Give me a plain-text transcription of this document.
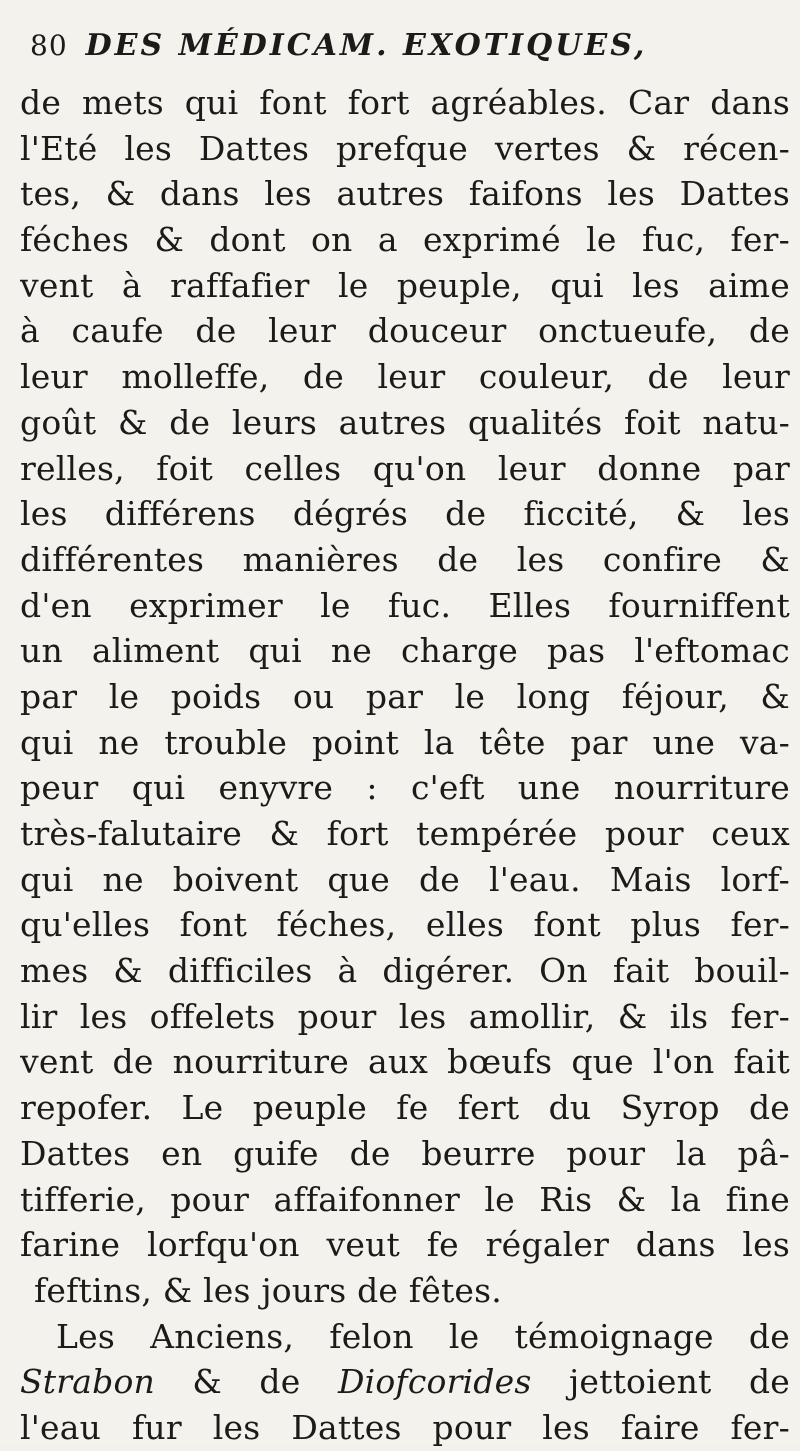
80 DES MÉDICAM. EXOTIQUES,
de mets qui font fort agréables. Car dans
l'Eté les Dattes prefque vertes & récen-
tes, & dans les autres faifons les Dattes
féches & dont on a exprimé le fuc, fer-
vent à raffafier le peuple, qui les aime
à caufe de leur douceur onctueufe, de
leur molleffe, de leur couleur, de leur
goût & de leurs autres qualités foit natu-
relles, foit celles qu'on leur donne par
les différens dégrés de ficcité, & les
différentes manières de les confire &
d'en exprimer le fuc. Elles fourniffent
un aliment qui ne charge pas l'eftomac
par le poids ou par le long féjour, &
qui ne trouble point la tête par une va-
peur qui enyvre : c'eft une nourriture
très-falutaire & fort tempérée pour ceux
qui ne boivent que de l'eau. Mais lorf-
qu'elles font féches, elles font plus fer-
mes & difficiles à digérer. On fait bouil-
lir les offelets pour les amollir, & ils fer-
vent de nourriture aux bœufs que l'on fait
repofer. Le peuple fe fert du Syrop de
Dattes en guife de beurre pour la pâ-
tifferie, pour affaifonner le Ris & la fine
farine lorfqu'on veut fe régaler dans les
feftins, & les jours de fêtes.
Les Anciens, felon le témoignage de
Strabon & de Diofcorides jettoient de
l'eau fur les Dattes pour les faire fer-
